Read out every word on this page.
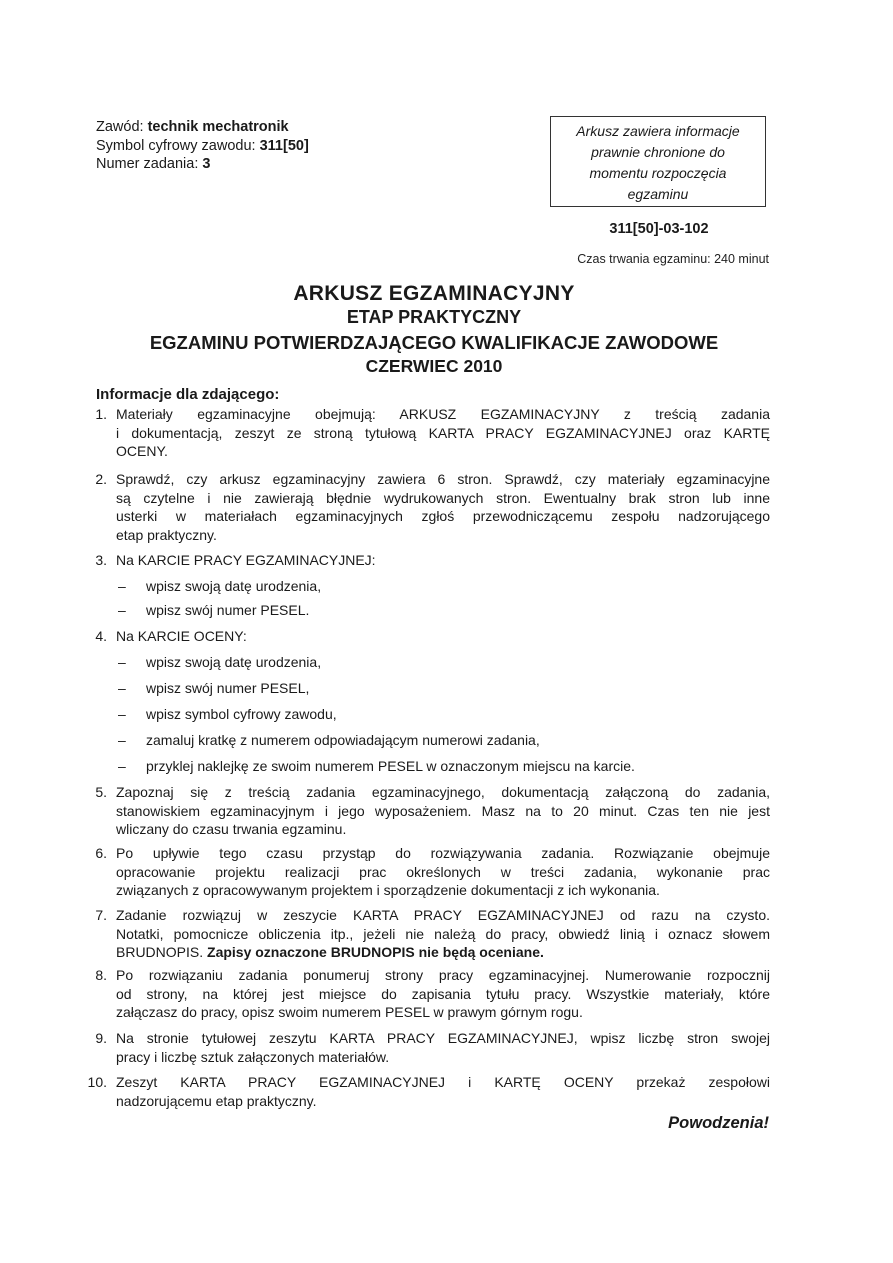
Zawód: technik mechatronik
Symbol cyfrowy zawodu: 311[50]
Numer zadania: 3
Arkusz zawiera informacje
prawnie chronione do
momentu rozpoczęcia
egzaminu
311[50]-03-102
Czas trwania egzaminu: 240 minut
ARKUSZ EGZAMINACYJNY
ETAP PRAKTYCZNY
EGZAMINU POTWIERDZAJĄCEGO KWALIFIKACJE ZAWODOWE
CZERWIEC 2010
Informacje dla zdającego:
1. Materiały egzaminacyjne obejmują: ARKUSZ EGZAMINACYJNY z treścią zadania
i dokumentacją, zeszyt ze stroną tytułową KARTA PRACY EGZAMINACYJNEJ oraz KARTĘ
OCENY.
2. Sprawdź, czy arkusz egzaminacyjny zawiera 6 stron. Sprawdź, czy materiały egzaminacyjne
są czytelne i nie zawierają błędnie wydrukowanych stron. Ewentualny brak stron lub inne
usterki w materiałach egzaminacyjnych zgłoś przewodniczącemu zespołu nadzorującego
etap praktyczny.
3. Na KARCIE PRACY EGZAMINACYJNEJ:
–	wpisz swoją datę urodzenia,
–	wpisz swój numer PESEL.
4. Na KARCIE OCENY:
–	wpisz swoją datę urodzenia,
–	wpisz swój numer PESEL,
–	wpisz symbol cyfrowy zawodu,
–	zamaluj kratkę z numerem odpowiadającym numerowi zadania,
–	przyklej naklejkę ze swoim numerem PESEL w oznaczonym miejscu na karcie.
5. Zapoznaj się z treścią zadania egzaminacyjnego, dokumentacją załączoną do zadania,
stanowiskiem egzaminacyjnym i jego wyposażeniem. Masz na to 20 minut. Czas ten nie jest
wliczany do czasu trwania egzaminu.
6. Po upływie tego czasu przystąp do rozwiązywania zadania. Rozwiązanie obejmuje
opracowanie projektu realizacji prac określonych w treści zadania, wykonanie prac
związanych z opracowywanym projektem i sporządzenie dokumentacji z ich wykonania.
7. Zadanie rozwiązuj w zeszycie KARTA PRACY EGZAMINACYJNEJ od razu na czysto.
Notatki, pomocnicze obliczenia itp., jeżeli nie należą do pracy, obwiedź linią i oznacz słowem
BRUDNOPIS. Zapisy oznaczone BRUDNOPIS nie będą oceniane.
8. Po rozwiązaniu zadania ponumeruj strony pracy egzaminacyjnej. Numerowanie rozpocznij
od strony, na której jest miejsce do zapisania tytułu pracy. Wszystkie materiały, które
załączasz do pracy, opisz swoim numerem PESEL w prawym górnym rogu.
9. Na stronie tytułowej zeszytu KARTA PRACY EGZAMINACYJNEJ, wpisz liczbę stron swojej
pracy i liczbę sztuk załączonych materiałów.
10. Zeszyt KARTA PRACY EGZAMINACYJNEJ i KARTĘ OCENY przekaż zespołowi
nadzorującemu etap praktyczny.
Powodzenia!
